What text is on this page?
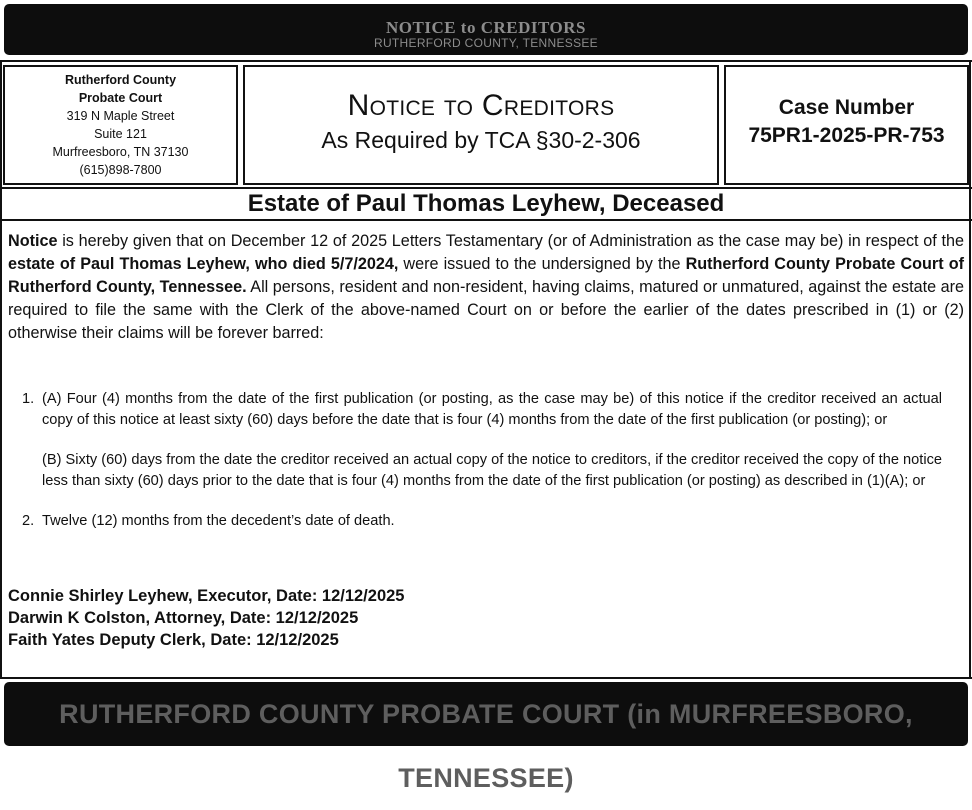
NOTICE to CREDITORS
RUTHERFORD COUNTY, TENNESSEE
Rutherford County
Probate Court
319 N Maple Street
Suite 121
Murfreesboro, TN 37130
(615)898-7800
Notice to Creditors
As Required by TCA §30-2-306
Case Number
75PR1-2025-PR-753
Estate of Paul Thomas Leyhew, Deceased
Notice is hereby given that on December 12 of 2025 Letters Testamentary (or of Administration as the case may be) in respect of the estate of Paul Thomas Leyhew, who died 5/7/2024, were issued to the undersigned by the Rutherford County Probate Court of Rutherford County, Tennessee. All persons, resident and non-resident, having claims, matured or unmatured, against the estate are required to file the same with the Clerk of the above-named Court on or before the earlier of the dates prescribed in (1) or (2) otherwise their claims will be forever barred:
1. (A) Four (4) months from the date of the first publication (or posting, as the case may be) of this notice if the creditor received an actual copy of this notice at least sixty (60) days before the date that is four (4) months from the date of the first publication (or posting); or
(B) Sixty (60) days from the date the creditor received an actual copy of the notice to creditors, if the creditor received the copy of the notice less than sixty (60) days prior to the date that is four (4) months from the date of the first publication (or posting) as described in (1)(A); or
2. Twelve (12) months from the decedent’s date of death.
Connie Shirley Leyhew, Executor, Date: 12/12/2025
Darwin K Colston, Attorney, Date: 12/12/2025
Faith Yates Deputy Clerk, Date: 12/12/2025
RUTHERFORD COUNTY PROBATE COURT (in MURFREESBORO, TENNESSEE)
